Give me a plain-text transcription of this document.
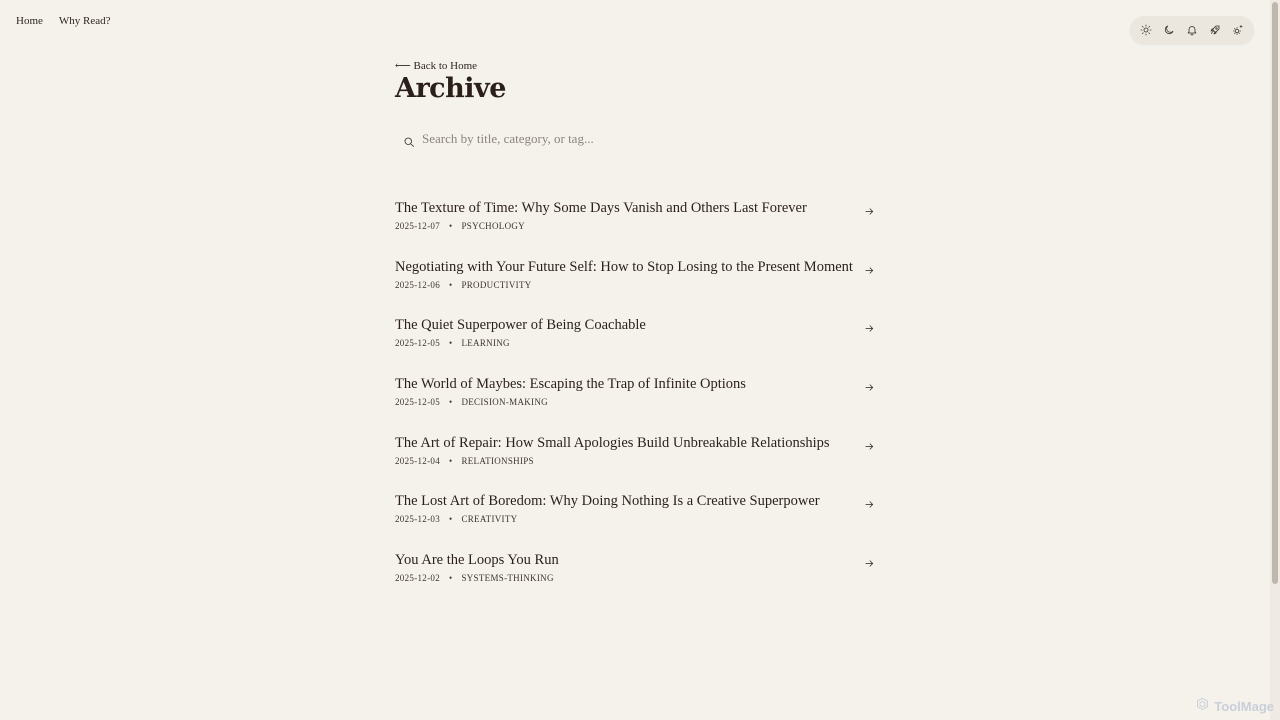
Home Why Read?
⟵ Back to Home
Archive
Search by title, category, or tag...
The Texture of Time: Why Some Days Vanish and Others Last Forever
2025-12-07 • PSYCHOLOGY
Negotiating with Your Future Self: How to Stop Losing to the Present Moment
2025-12-06 • PRODUCTIVITY
The Quiet Superpower of Being Coachable
2025-12-05 • LEARNING
The World of Maybes: Escaping the Trap of Infinite Options
2025-12-05 • DECISION-MAKING
The Art of Repair: How Small Apologies Build Unbreakable Relationships
2025-12-04 • RELATIONSHIPS
The Lost Art of Boredom: Why Doing Nothing Is a Creative Superpower
2025-12-03 • CREATIVITY
You Are the Loops You Run
2025-12-02 • SYSTEMS-THINKING
ToolMage
